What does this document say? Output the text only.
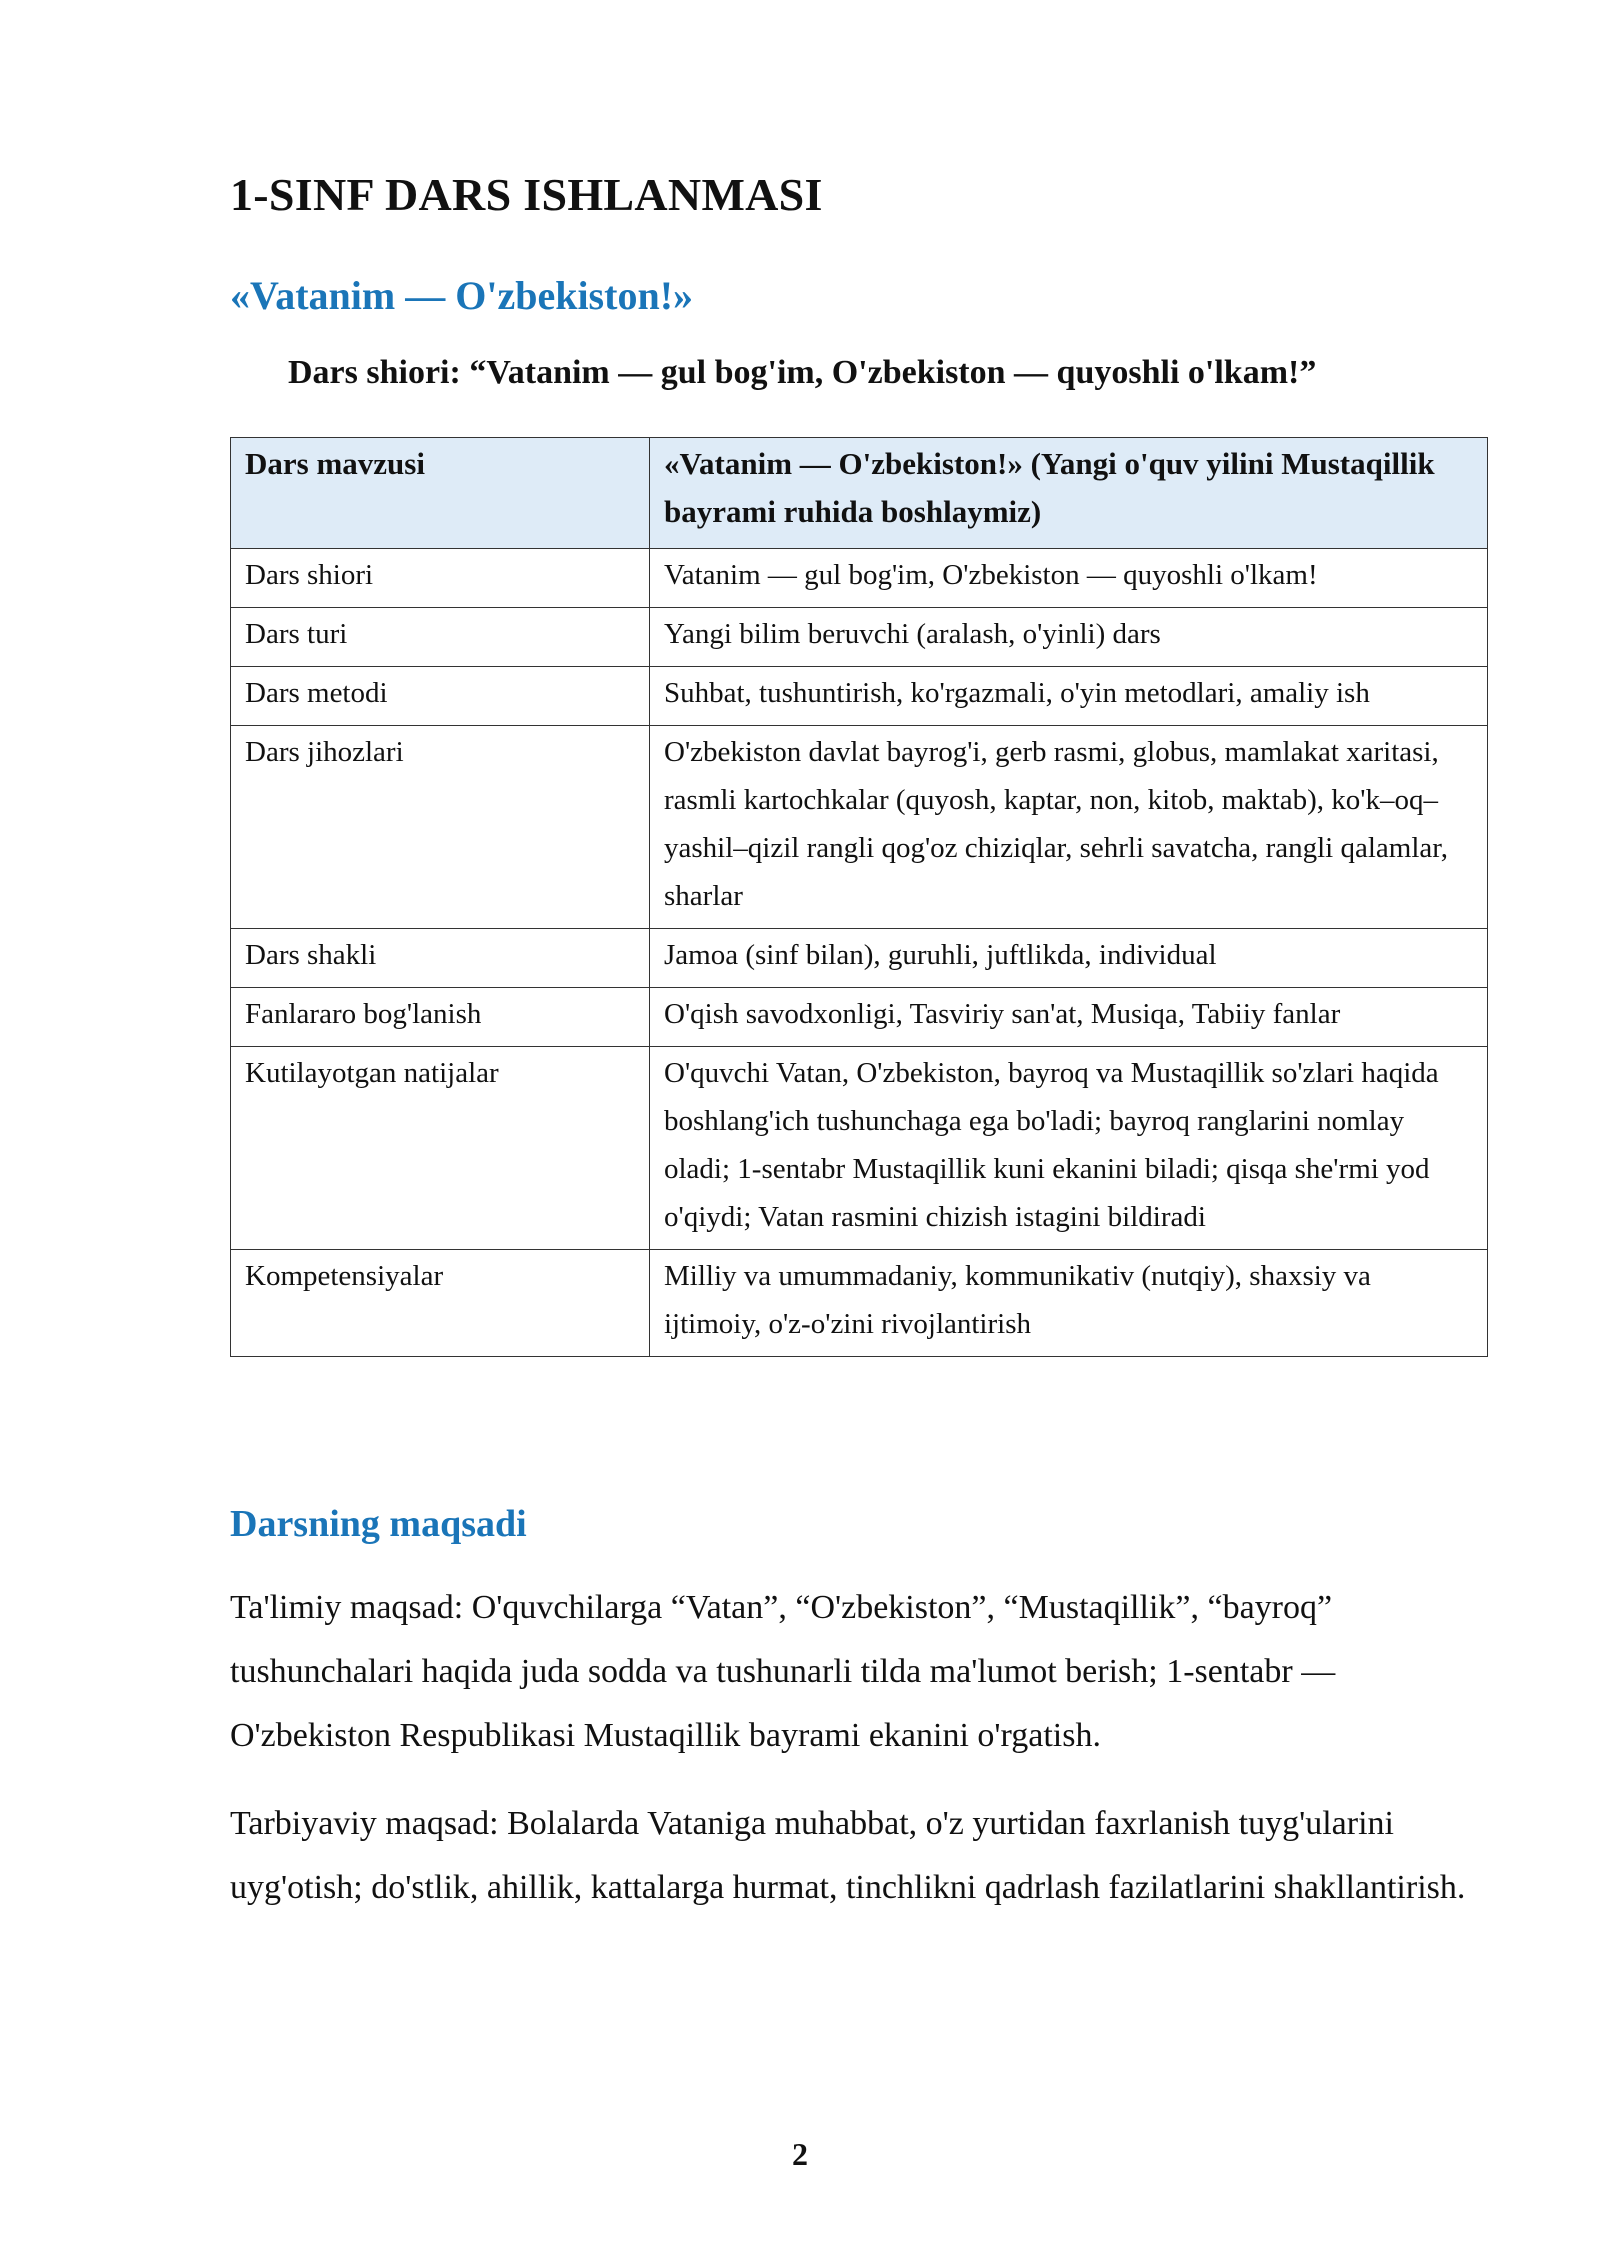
1-SINF DARS ISHLANMASI
«Vatanim — O'zbekiston!»

Dars shiori: “Vatanim — gul bog'im, O'zbekiston — quyoshli o'lkam!”

Dars mavzusi	«Vatanim — O'zbekiston!» (Yangi o'quv yilini Mustaqillik bayrami ruhida boshlaymiz)
Dars shiori	Vatanim — gul bog'im, O'zbekiston — quyoshli o'lkam!
Dars turi	Yangi bilim beruvchi (aralash, o'yinli) dars
Dars metodi	Suhbat, tushuntirish, ko'rgazmali, o'yin metodlari, amaliy ish
Dars jihozlari	O'zbekiston davlat bayrog'i, gerb rasmi, globus, mamlakat xaritasi, rasmli kartochkalar (quyosh, kaptar, non, kitob, maktab), ko'k–oq–yashil–qizil rangli qog'oz chiziqlar, sehrli savatcha, rangli qalamlar, sharlar
Dars shakli	Jamoa (sinf bilan), guruhli, juftlikda, individual
Fanlararo bog'lanish	O'qish savodxonligi, Tasviriy san'at, Musiqa, Tabiiy fanlar
Kutilayotgan natijalar	O'quvchi Vatan, O'zbekiston, bayroq va Mustaqillik so'zlari haqida boshlang'ich tushunchaga ega bo'ladi; bayroq ranglarini nomlay oladi; 1-sentabr Mustaqillik kuni ekanini biladi; qisqa she'rmi yod o'qiydi; Vatan rasmini chizish istagini bildiradi
Kompetensiyalar	Milliy va umummadaniy, kommunikativ (nutqiy), shaxsiy va ijtimoiy, o'z-o'zini rivojlantirish
Darsning maqsadi

Ta'limiy maqsad: O'quvchilarga “Vatan”, “O'zbekiston”, “Mustaqillik”, “bayroq” tushunchalari haqida juda sodda va tushunarli tilda ma'lumot berish; 1-sentabr — O'zbekiston Respublikasi Mustaqillik bayrami ekanini o'rgatish.

Tarbiyaviy maqsad: Bolalarda Vataniga muhabbat, o'z yurtidan faxrlanish tuyg'ularini uyg'otish; do'stlik, ahillik, kattalarga hurmat, tinchlikni qadrlash fazilatlarini shakllantirish.

2
